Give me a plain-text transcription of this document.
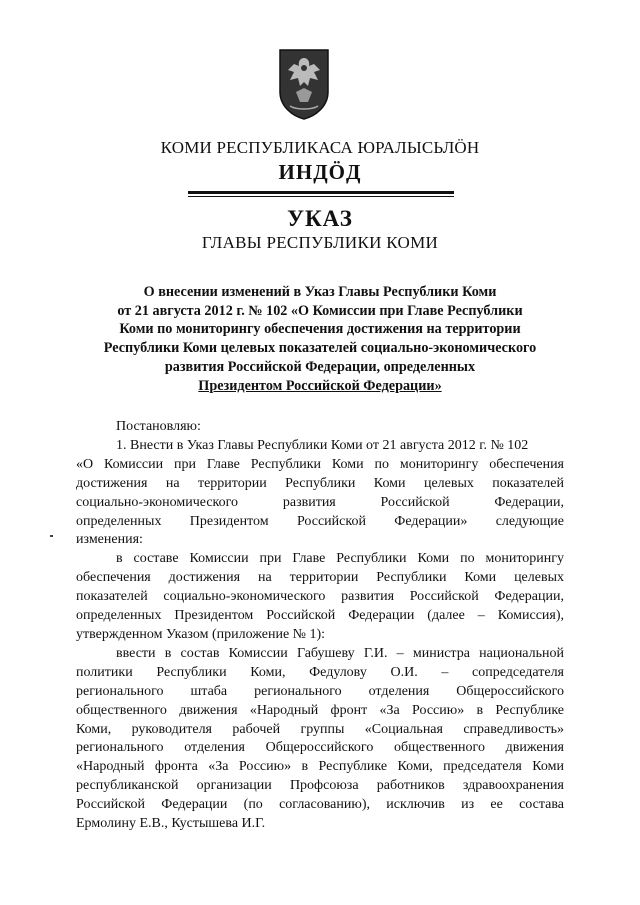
КОМИ РЕСПУБЛИКАСА ЮРАЛЫСЬЛӦН
ИНДӦД
УКАЗ
ГЛАВЫ РЕСПУБЛИКИ КОМИ
О внесении изменений в Указ Главы Республики Коми
от 21 августа 2012 г. № 102 «О Комиссии при Главе Республики
Коми по мониторингу обеспечения достижения на территории
Республики Коми целевых показателей социально-экономического
развития Российской Федерации, определенных
Президентом Российской Федерации»
Постановляю:
1. Внести в Указ Главы Республики Коми от 21 августа 2012 г. № 102
«О Комиссии при Главе Республики Коми по мониторингу обеспечения
достижения на территории Республики Коми целевых показателей
социально-экономического развития Российской Федерации,
определенных Президентом Российской Федерации» следующие
изменения:
в составе Комиссии при Главе Республики Коми по мониторингу
обеспечения достижения на территории Республики Коми целевых
показателей социально-экономического развития Российской Федерации,
определенных Президентом Российской Федерации (далее – Комиссия),
утвержденном Указом (приложение № 1):
ввести в состав Комиссии Габушеву Г.И. – министра национальной
политики Республики Коми, Федулову О.И. – сопредседателя
регионального штаба регионального отделения Общероссийского
общественного движения «Народный фронт «За Россию» в Республике
Коми, руководителя рабочей группы «Социальная справедливость»
регионального отделения Общероссийского общественного движения
«Народный фронта «За Россию» в Республике Коми, председателя Коми
республиканской организации Профсоюза работников здравоохранения
Российской Федерации (по согласованию), исключив из ее состава
Ермолину Е.В., Кустышева И.Г.
